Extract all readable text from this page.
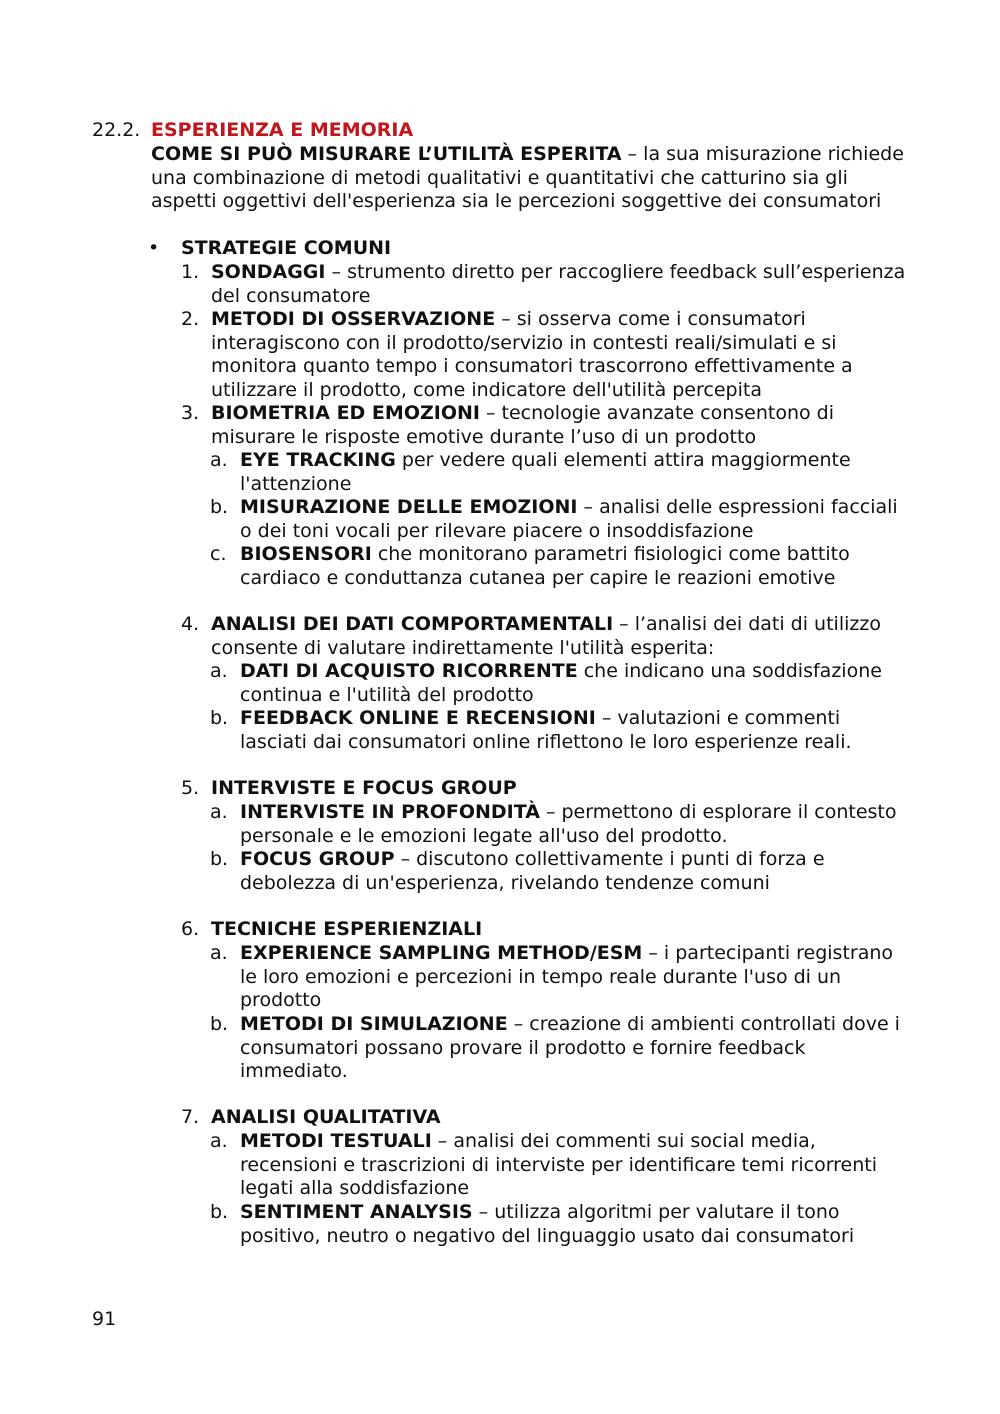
22.2. ESPERIENZA E MEMORIA
COME SI PUÒ MISURARE L’UTILITÀ ESPERITA – la sua misurazione richiede una combinazione di metodi qualitativi e quantitativi che catturino sia gli aspetti oggettivi dell'esperienza sia le percezioni soggettive dei consumatori
• STRATEGIE COMUNI
1. SONDAGGI – strumento diretto per raccogliere feedback sull’esperienza del consumatore
2. METODI DI OSSERVAZIONE – si osserva come i consumatori interagiscono con il prodotto/servizio in contesti reali/simulati e si monitora quanto tempo i consumatori trascorrono effettivamente a utilizzare il prodotto, come indicatore dell'utilità percepita
3. BIOMETRIA ED EMOZIONI – tecnologie avanzate consentono di misurare le risposte emotive durante l’uso di un prodotto
a. EYE TRACKING per vedere quali elementi attira maggiormente l'attenzione
b. MISURAZIONE DELLE EMOZIONI – analisi delle espressioni facciali o dei toni vocali per rilevare piacere o insoddisfazione
c. BIOSENSORI che monitorano parametri fisiologici come battito cardiaco e conduttanza cutanea per capire le reazioni emotive
4. ANALISI DEI DATI COMPORTAMENTALI – l’analisi dei dati di utilizzo consente di valutare indirettamente l'utilità esperita:
a. DATI DI ACQUISTO RICORRENTE che indicano una soddisfazione continua e l'utilità del prodotto
b. FEEDBACK ONLINE E RECENSIONI – valutazioni e commenti lasciati dai consumatori online riflettono le loro esperienze reali.
5. INTERVISTE E FOCUS GROUP
a. INTERVISTE IN PROFONDITÀ – permettono di esplorare il contesto personale e le emozioni legate all'uso del prodotto.
b. FOCUS GROUP – discutono collettivamente i punti di forza e debolezza di un'esperienza, rivelando tendenze comuni
6. TECNICHE ESPERIENZIALI
a. EXPERIENCE SAMPLING METHOD/ESM – i partecipanti registrano le loro emozioni e percezioni in tempo reale durante l'uso di un prodotto
b. METODI DI SIMULAZIONE – creazione di ambienti controllati dove i consumatori possano provare il prodotto e fornire feedback immediato.
7. ANALISI QUALITATIVA
a. METODI TESTUALI – analisi dei commenti sui social media, recensioni e trascrizioni di interviste per identificare temi ricorrenti legati alla soddisfazione
b. SENTIMENT ANALYSIS – utilizza algoritmi per valutare il tono positivo, neutro o negativo del linguaggio usato dai consumatori
91
